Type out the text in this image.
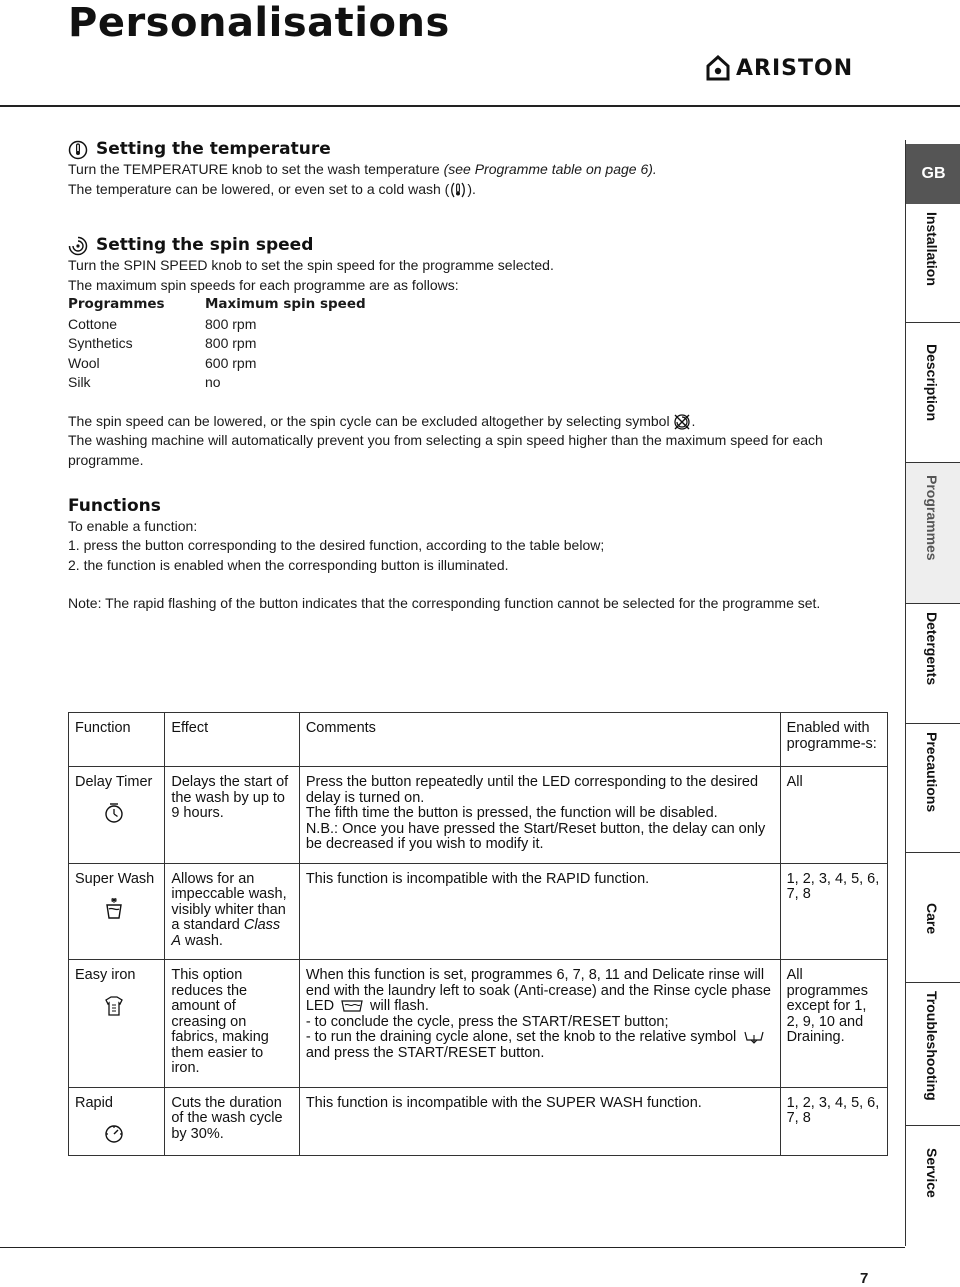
Personalisations
ARISTON
Setting the temperature

Turn the TEMPERATURE knob to set the wash temperature (see Programme table on page 6).

The temperature can be lowered, or even set to a cold wash ( ).

Setting the spin speed

Turn the SPIN SPEED knob to set the spin speed for the programme selected.

The maximum spin speeds for each programme are as follows:

Programmes	Maximum spin speed
Cottone	800 rpm
Synthetics	800 rpm
Wool	600 rpm
Silk	no

The spin speed can be lowered, or the spin cycle can be excluded altogether by selecting symbol .

The washing machine will automatically prevent you from selecting a spin speed higher than the maximum speed for each programme.

Functions

To enable a function:

1. press the button corresponding to the desired function, according to the table below;

2. the function is enabled when the corresponding button is illuminated.

Note: The rapid flashing of the button indicates that the corresponding function cannot be selected for the programme set.

Function	Effect	Comments	Enabled with programme-s:
Delay Timer	Delays the start of the wash by up to 9 hours.	Press the button repeatedly until the LED corresponding to the desired delay is turned on.
The fifth time the button is pressed, the function will be disabled.
N.B.: Once you have pressed the Start/Reset button, the delay can only be decreased if you wish to modify it.	All
Super Wash	Allows for an impeccable wash, visibly whiter than a standard Class A wash.	This function is incompatible with the RAPID function.	1, 2, 3, 4, 5, 6, 7, 8
Easy iron	This option reduces the amount of creasing on fabrics, making them easier to iron.	When this function is set, programmes 6, 7, 8, 11 and Delicate rinse will end with the laundry left to soak (Anti-crease) and the Rinse cycle phase LED will flash.
- to conclude the cycle, press the START/RESET button;
- to run the draining cycle alone, set the knob to the relative symboland press the START/RESET button.	All programmes except for 1, 2, 9, 10 and Draining.
Rapid	Cuts the duration of the wash cycle by 30%.	This function is incompatible with the SUPER WASH function.	1, 2, 3, 4, 5, 6, 7, 8
GB
Installation
Description
Programmes
Detergents
Precautions
Care
Troubleshooting
Service
7
